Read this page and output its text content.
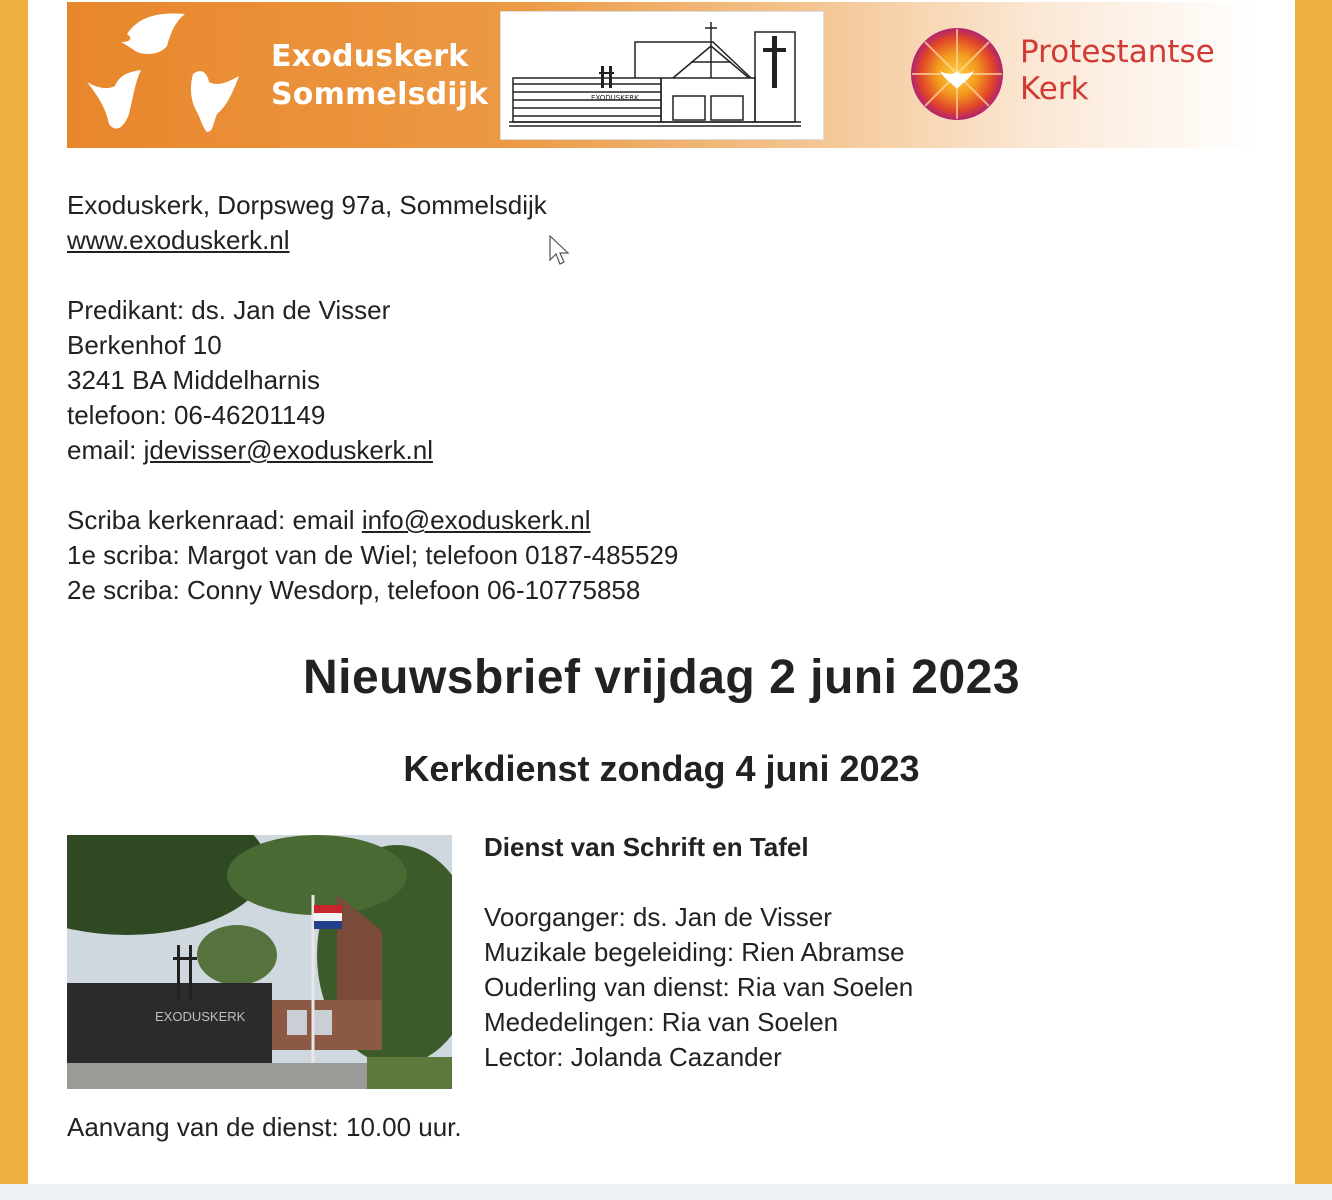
Exoduskerk
Sommelsdijk	EXODUSKERK
Protestantse
Kerk
Exoduskerk, Dorpsweg 97a, Sommelsdijk
www.exoduskerk.nl
Predikant: ds. Jan de Visser
Berkenhof 10
3241 BA Middelharnis
telefoon: 06-46201149
email: jdevisser@exoduskerk.nl
Scriba kerkenraad: email info@exoduskerk.nl
1e scriba: Margot van de Wiel; telefoon 0187-485529
2e scriba: Conny Wesdorp, telefoon 06-10775858
Nieuwsbrief vrijdag 2 juni 2023
Kerkdienst zondag 4 juni 2023
EXODUSKERK
Dienst van Schrift en Tafel

Voorganger: ds. Jan de Visser
Muzikale begeleiding: Rien Abramse
Ouderling van dienst: Ria van Soelen
Mededelingen: Ria van Soelen
Lector: Jolanda Cazander
Aanvang van de dienst: 10.00 uur.
